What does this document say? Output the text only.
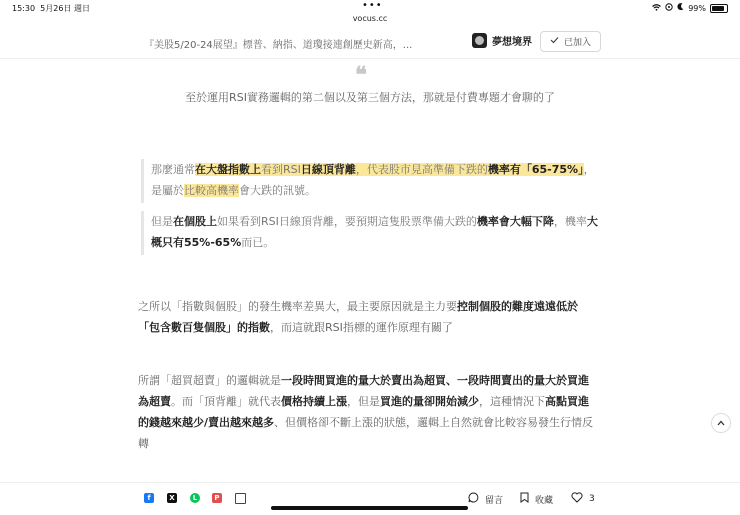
15:30 5月26日 週日	•••	99%
vocus.cc
『美股5/20-24展望』標普、納指、道瓊接連創歷史新高，...	夢想境界	已加入
❝
至於運用RSI實務邏輯的第二個以及第三個方法，那就是付費專題才會聊的了
那麼通常在大盤指數上看到RSI日線頂背離，代表股市見高準備下跌的機率有「65-75%」，是屬於比較高機率會大跌的訊號。
但是在個股上如果看到RSI日線頂背離，要預期這隻股票準備大跌的機率會大幅下降，機率大概只有55%-65%而已。
之所以「指數與個股」的發生機率差異大，最主要原因就是主力要控制個股的難度遠遠低於「包含數百隻個股」的指數，而這就跟RSI指標的運作原理有關了
所謂「超買超賣」的邏輯就是一段時間買進的量大於賣出為超買、一段時間賣出的量大於買進為超賣。而「頂背離」就代表價格持續上漲，但是買進的量卻開始減少，這種情況下高點買進的錢越來越少/賣出越來越多、但價格卻不斷上漲的狀態，邏輯上自然就會比較容易發生行情反轉
f	X	L	P	留言	收藏	3
